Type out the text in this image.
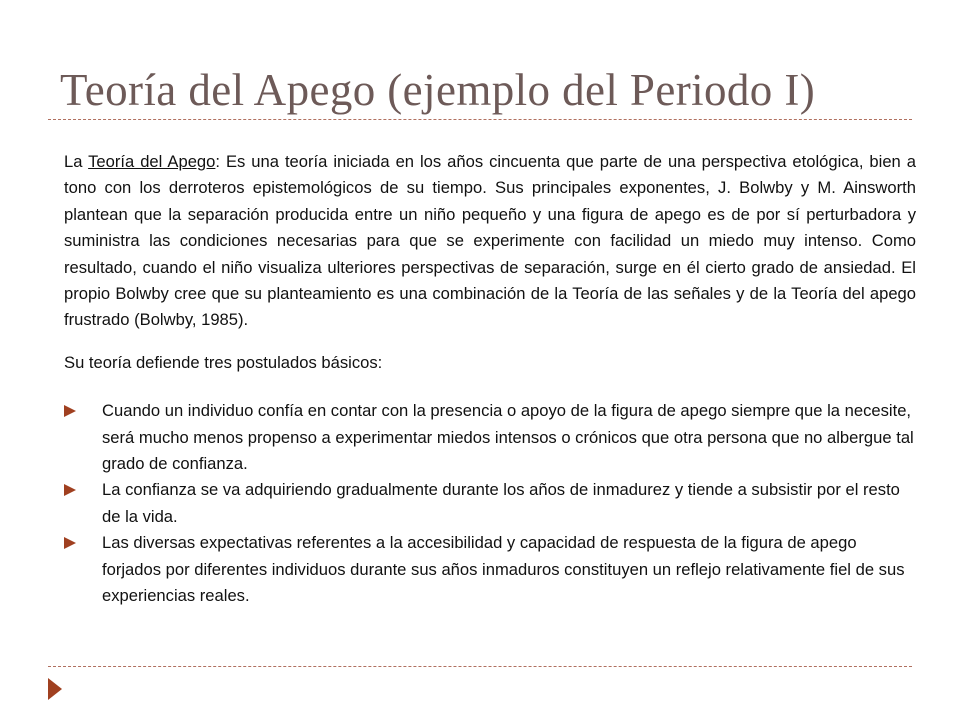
Teoría del Apego (ejemplo del Periodo I)

La Teoría del Apego: Es una teoría iniciada en los años cincuenta que parte de una perspectiva etológica, bien a tono con los derroteros epistemológicos de su tiempo. Sus principales exponentes, J. Bolwby y M. Ainsworth plantean que la separación producida entre un niño pequeño y una figura de apego es de por sí perturbadora y suministra las condiciones necesarias para que se experimente con facilidad un miedo muy intenso. Como resultado, cuando el niño visualiza ulteriores perspectivas de separación, surge en él cierto grado de ansiedad. El propio Bolwby cree que su planteamiento es una combinación de la Teoría de las señales y de la Teoría del apego frustrado (Bolwby, 1985).

Su teoría defiende tres postulados básicos:

Cuando un individuo confía en contar con la presencia o apoyo de la figura de apego siempre que la necesite, será mucho menos propenso a experimentar miedos intensos o crónicos que otra persona que no albergue tal grado de confianza.
La confianza se va adquiriendo gradualmente durante los años de inmadurez y tiende a subsistir por el resto de la vida.
Las diversas expectativas referentes a la accesibilidad y capacidad de respuesta de la figura de apego forjados por diferentes individuos durante sus años inmaduros constituyen un reflejo relativamente fiel de sus experiencias reales.
